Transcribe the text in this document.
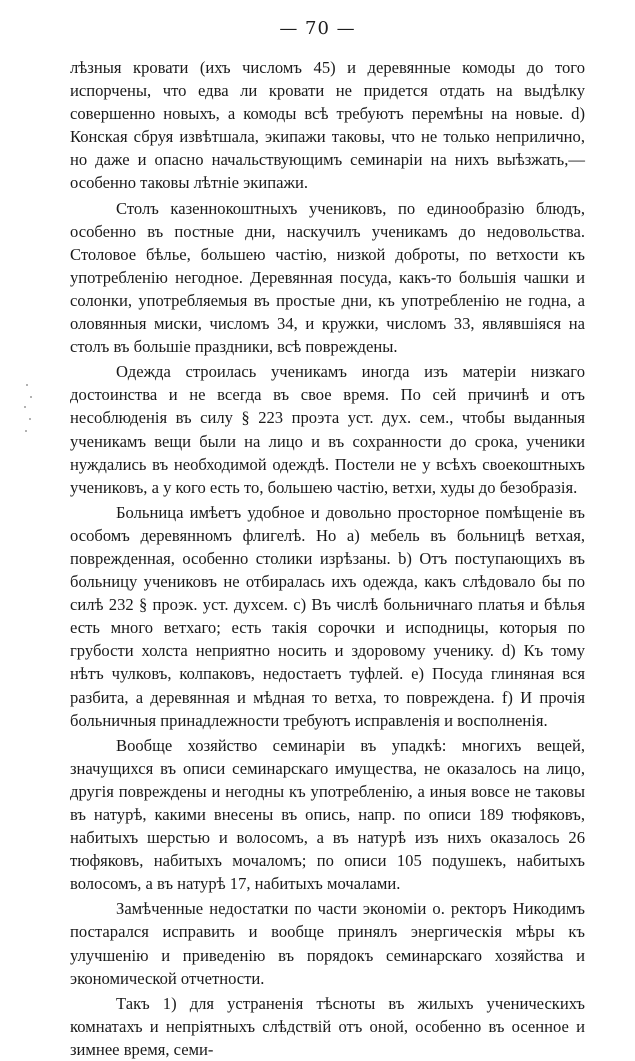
— 70 —

лѣзныя кровати (ихъ числомъ 45) и деревянные комоды до того испорчены, что едва ли кровати не придется отдать на выдѣлку совершенно новыхъ, а комоды всѣ требуютъ перемѣны на новые. d) Конская сбруя извѣтшала, экипажи таковы, что не только неприлично, но даже и опасно начальствующимъ семинаріи на нихъ выѣзжать,—особенно таковы лѣтніе экипажи.

Столъ казеннокоштныхъ учениковъ, по единообразію блюдъ, особенно въ постные дни, наскучилъ ученикамъ до недовольства. Столовое бѣлье, большею частію, низкой доброты, по ветхости къ употребленію негодное. Деревянная посуда, какъ-то большія чашки и солонки, употребляемыя въ простые дни, къ употребленію не годна, а оловянныя миски, числомъ 34, и кружки, числомъ 33, являвшіяся на столъ въ большіе праздники, всѣ повреждены.

Одежда строилась ученикамъ иногда изъ матеріи низкаго достоинства и не всегда въ свое время. По сей причинѣ и отъ несоблюденія въ силу § 223 проэта уст. дух. сем., чтобы выданныя ученикамъ вещи были на лицо и въ сохранности до срока, ученики нуждались въ необходимой одеждѣ. Постели не у всѣхъ своекоштныхъ учениковъ, а у кого есть то, большею частію, ветхи, худы до безобразія.

Больница имѣетъ удобное и довольно просторное помѣщеніе въ особомъ деревянномъ флигелѣ. Но a) мебель въ больницѣ ветхая, поврежденная, особенно столики изрѣзаны. b) Отъ поступающихъ въ больницу учениковъ не отбиралась ихъ одежда, какъ слѣдовало бы по силѣ 232 § проэк. уст. духсем. c) Въ числѣ больничнаго платья и бѣлья есть много ветхаго; есть такія сорочки и исподницы, которыя по грубости холста неприятно носить и здоровому ученику. d) Къ тому нѣтъ чулковъ, колпаковъ, недостаетъ туфлей. e) Посуда глиняная вся разбита, а деревянная и мѣдная то ветха, то повреждена. f) И прочія больничныя принадлежности требуютъ исправленія и восполненія.

Вообще хозяйство семинаріи въ упадкѣ: многихъ вещей, значущихся въ описи семинарскаго имущества, не оказалось на лицо, другія повреждены и негодны къ употребленію, а иныя вовсе не таковы въ натурѣ, какими внесены въ опись, напр. по описи 189 тюфяковъ, набитыхъ шерстью и волосомъ, а въ натурѣ изъ нихъ оказалось 26 тюфяковъ, набитыхъ мочаломъ; по описи 105 подушекъ, набитыхъ волосомъ, а въ натурѣ 17, набитыхъ мочалами.

Замѣченные недостатки по части экономіи о. ректоръ Никодимъ постарался исправить и вообще принялъ энергическія мѣры къ улучшенію и приведенію въ порядокъ семинарскаго хозяйства и экономической отчетности.

Такъ 1) для устраненія тѣсноты въ жилыхъ ученическихъ комнатахъ и непріятныхъ слѣдствій отъ оной, особенно въ осенное и зимнее время, семи-
